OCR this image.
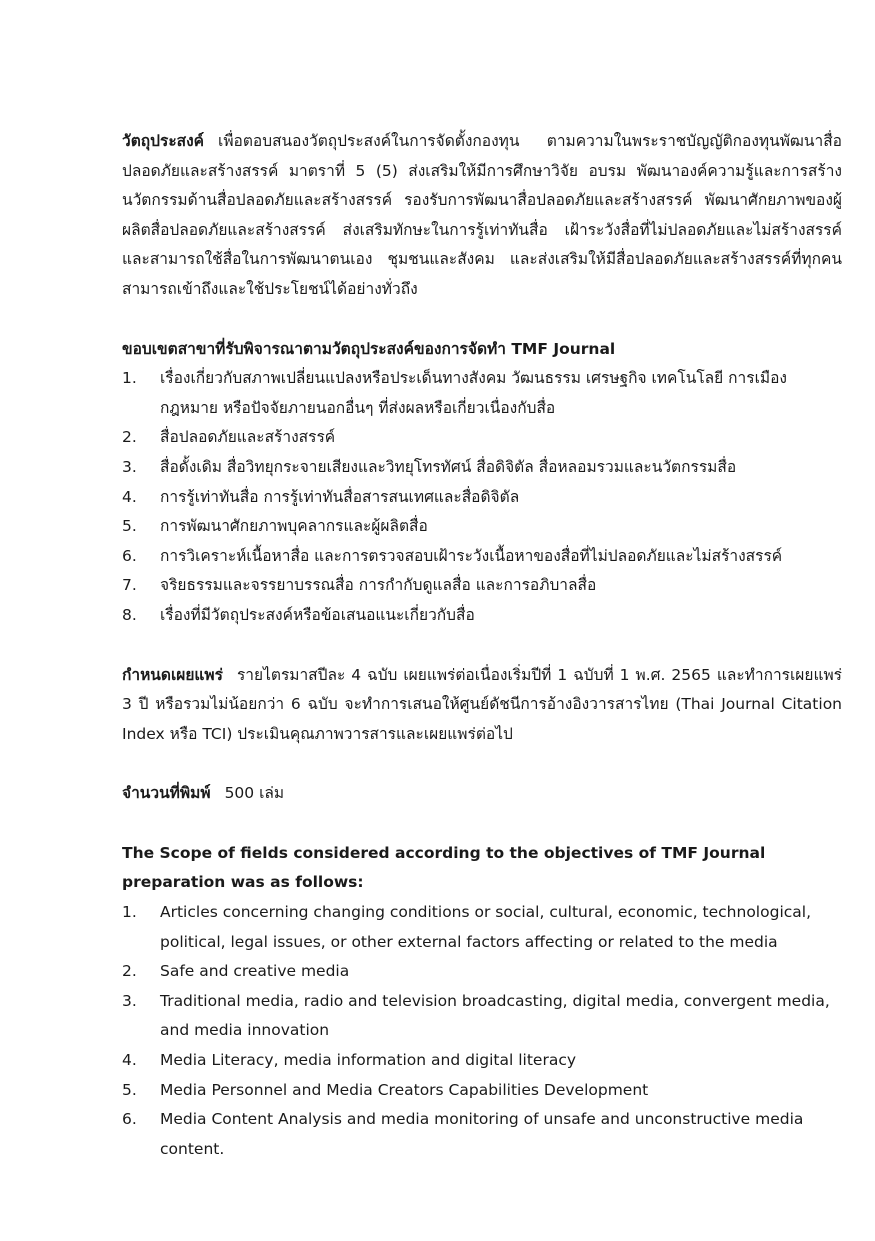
วัตถุประสงค์ เพื่อตอบสนองวัตถุประสงค์ในการจัดตั้งกองทุน ตามความในพระราชบัญญัติกองทุนพัฒนาสื่อปลอดภัยและสร้างสรรค์ มาตราที่ 5 (5) ส่งเสริมให้มีการศึกษาวิจัย อบรม พัฒนาองค์ความรู้และการสร้างนวัตกรรมด้านสื่อปลอดภัยและสร้างสรรค์ รองรับการพัฒนาสื่อปลอดภัยและสร้างสรรค์ พัฒนาศักยภาพของผู้ผลิตสื่อปลอดภัยและสร้างสรรค์ ส่งเสริมทักษะในการรู้เท่าทันสื่อ เฝ้าระวังสื่อที่ไม่ปลอดภัยและไม่สร้างสรรค์ และสามารถใช้สื่อในการพัฒนาตนเอง ชุมชนและสังคม และส่งเสริมให้มีสื่อปลอดภัยและสร้างสรรค์ที่ทุกคนสามารถเข้าถึงและใช้ประโยชน์ได้อย่างทั่วถึง

ขอบเขตสาขาที่รับพิจารณาตามวัตถุประสงค์ของการจัดทำ TMF Journal
1.	เรื่องเกี่ยวกับสภาพเปลี่ยนแปลงหรือประเด็นทางสังคม วัฒนธรรม เศรษฐกิจ เทคโนโลยี การเมือง กฎหมาย หรือปัจจัยภายนอกอื่นๆ ที่ส่งผลหรือเกี่ยวเนื่องกับสื่อ
2.	สื่อปลอดภัยและสร้างสรรค์
3.	สื่อดั้งเดิม สื่อวิทยุกระจายเสียงและวิทยุโทรทัศน์ สื่อดิจิตัล สื่อหลอมรวมและนวัตกรรมสื่อ
4.	การรู้เท่าทันสื่อ การรู้เท่าทันสื่อสารสนเทศและสื่อดิจิตัล
5.	การพัฒนาศักยภาพบุคลากรและผู้ผลิตสื่อ
6.	การวิเคราะห์เนื้อหาสื่อ และการตรวจสอบเฝ้าระวังเนื้อหาของสื่อที่ไม่ปลอดภัยและไม่สร้างสรรค์
7.	จริยธรรมและจรรยาบรรณสื่อ การกำกับดูแลสื่อ และการอภิบาลสื่อ
8.	เรื่องที่มีวัตถุประสงค์หรือข้อเสนอแนะเกี่ยวกับสื่อ

กำหนดเผยแพร่ รายไตรมาสปีละ 4 ฉบับ เผยแพร่ต่อเนื่องเริ่มปีที่ 1 ฉบับที่ 1 พ.ศ. 2565 และทำการเผยแพร่ 3 ปี หรือรวมไม่น้อยกว่า 6 ฉบับ จะทำการเสนอให้ศูนย์ดัชนีการอ้างอิงวารสารไทย (Thai Journal Citation Index หรือ TCI) ประเมินคุณภาพวารสารและเผยแพร่ต่อไป

จำนวนที่พิมพ์ 500 เล่ม

The Scope of fields considered according to the objectives of TMF Journal preparation was as follows:
1.	Articles concerning changing conditions or social, cultural, economic, technological, political, legal issues, or other external factors affecting or related to the media
2.	Safe and creative media
3.	Traditional media, radio and television broadcasting, digital media, convergent media, and media innovation
4.	Media Literacy, media information and digital literacy
5.	Media Personnel and Media Creators Capabilities Development
6.	Media Content Analysis and media monitoring of unsafe and unconstructive media content.
